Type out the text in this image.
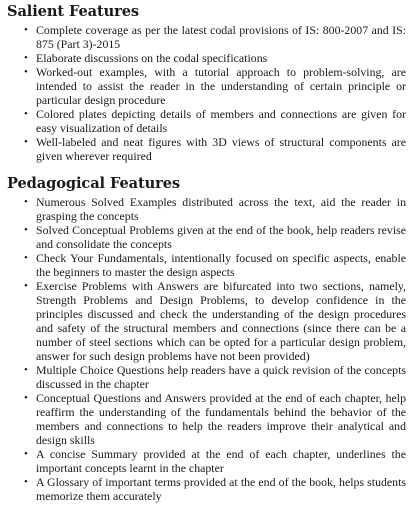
Salient Features
• Complete coverage as per the latest codal provisions of IS: 800-2007 and IS: 875 (Part 3)-2015
• Elaborate discussions on the codal specifications
• Worked-out examples, with a tutorial approach to problem-solving, are intended to assist the reader in the understanding of certain principle or particular design procedure
• Colored plates depicting details of members and connections are given for easy visualization of details
• Well-labeled and neat figures with 3D views of structural components are given wherever required
Pedagogical Features
• Numerous Solved Examples distributed across the text, aid the reader in grasping the concepts
• Solved Conceptual Problems given at the end of the book, help readers revise and consolidate the concepts
• Check Your Fundamentals, intentionally focused on specific aspects, enable the beginners to master the design aspects
• Exercise Problems with Answers are bifurcated into two sections, namely, Strength Problems and Design Problems, to develop confidence in the principles discussed and check the understanding of the design procedures and safety of the structural members and connections (since there can be a number of steel sections which can be opted for a particular design problem, answer for such design problems have not been provided)
• Multiple Choice Questions help readers have a quick revision of the concepts discussed in the chapter
• Conceptual Questions and Answers provided at the end of each chapter, help reaffirm the understanding of the fundamentals behind the behavior of the members and connections to help the readers improve their analytical and design skills
• A concise Summary provided at the end of each chapter, underlines the important concepts learnt in the chapter
• A Glossary of important terms provided at the end of the book, helps students memorize them accurately
